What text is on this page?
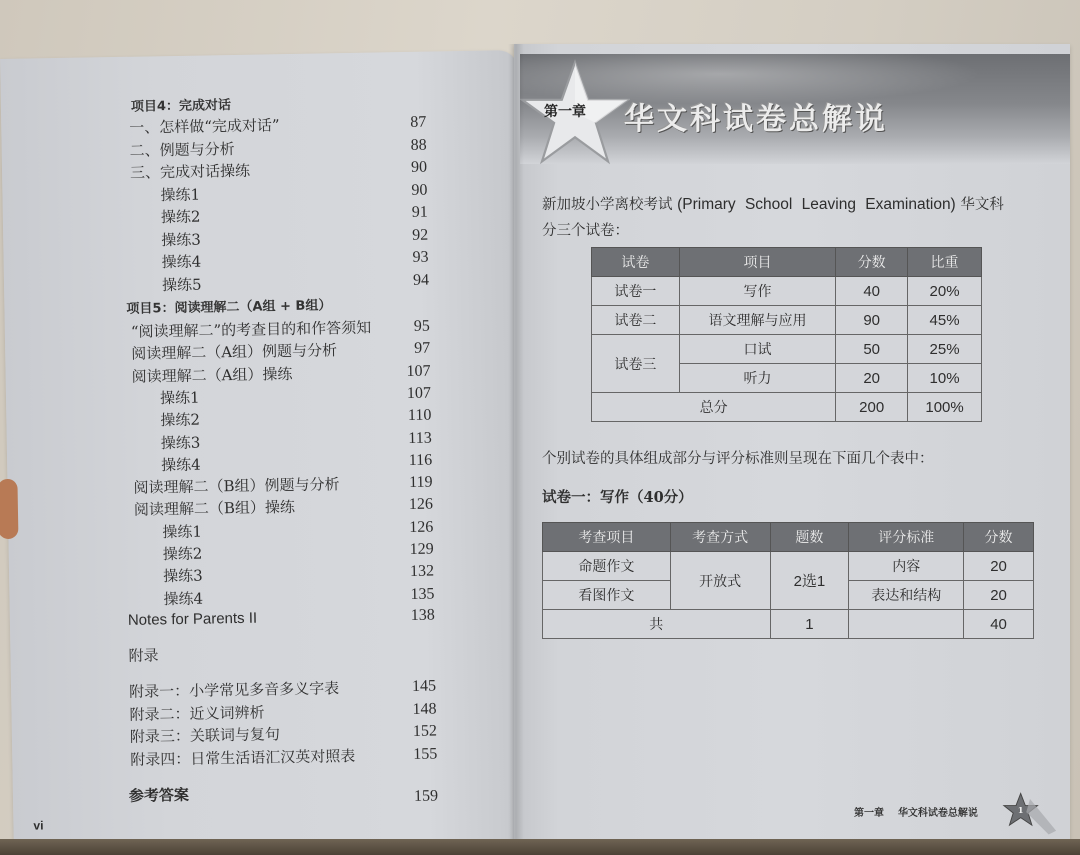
项目4：完成对话
一、怎样做“完成对话”	87
二、例题与分析	88
三、完成对话操练	90
操练1	90
操练2	91
操练3	92
操练4	93
操练5	94
项目5：阅读理解二（A组 + B组）
“阅读理解二”的考查目的和作答须知	95
阅读理解二（A组）例题与分析	97
阅读理解二（A组）操练	107
操练1	107
操练2	110
操练3	113
操练4	116
阅读理解二（B组）例题与分析	119
阅读理解二（B组）操练	126
操练1	126
操练2	129
操练3	132
操练4	135
Notes for Parents II	138
附录
附录一：小学常见多音多义字表	145
附录二：近义词辨析	148
附录三：关联词与复句	152
附录四：日常生活语汇汉英对照表	155
参考答案	159
vi
第一章 华文科试卷总解说
新加坡小学离校考试 (Primary School Leaving Examination) 华文科
分三个试卷：
试卷	项目	分数	比重
试卷一	写作	40	20%
试卷二	语文理解与应用	90	45%
试卷三	口试	50	25%
	听力	20	10%
总分		200	100%
个别试卷的具体组成部分与评分标准则呈现在下面几个表中：
试卷一：写作（40分）
考查项目	考查方式	题数	评分标准	分数
命题作文	开放式	2选1	内容	20
看图作文			表达和结构	20
共		1		40
第一章 华文科试卷总解说	1
